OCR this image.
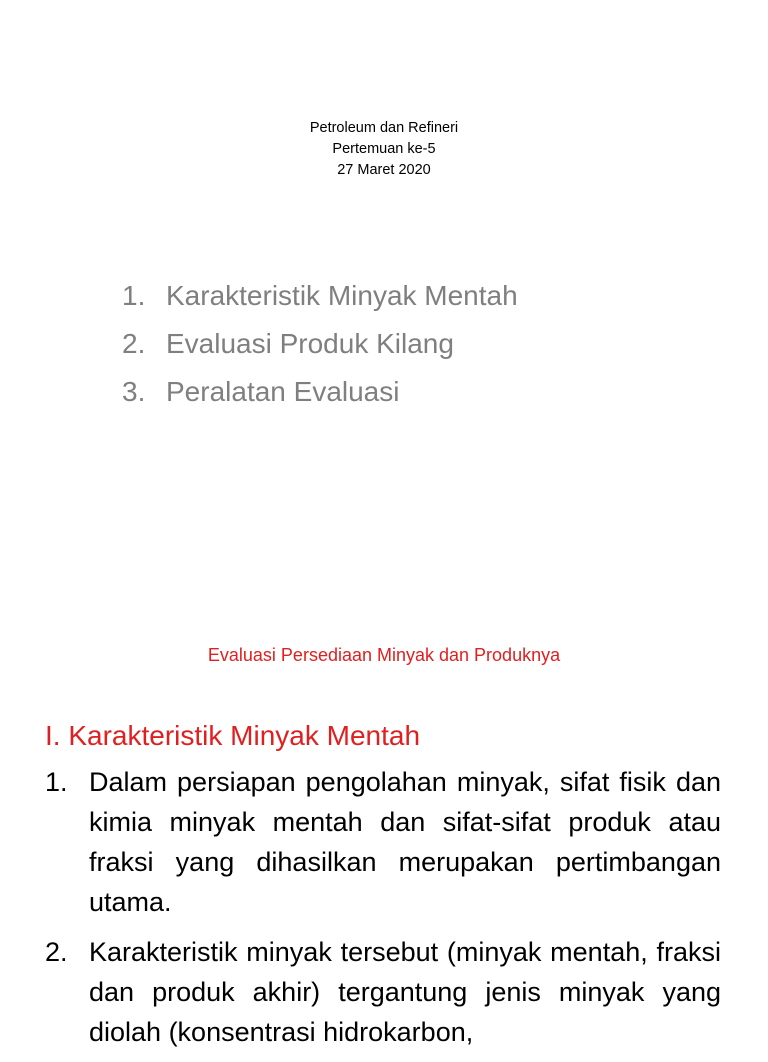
Petroleum dan Refineri
Pertemuan ke-5
27 Maret 2020
1. Karakteristik Minyak Mentah
2. Evaluasi Produk Kilang
3. Peralatan Evaluasi
Evaluasi Persediaan Minyak dan Produknya
I. Karakteristik Minyak Mentah
1. Dalam persiapan pengolahan minyak, sifat fisik dan kimia minyak mentah dan sifat-sifat produk atau fraksi yang dihasilkan merupakan pertimbangan utama.
2. Karakteristik minyak tersebut (minyak mentah, fraksi dan produk akhir) tergantung jenis minyak yang diolah (konsentrasi hidrokarbon,
